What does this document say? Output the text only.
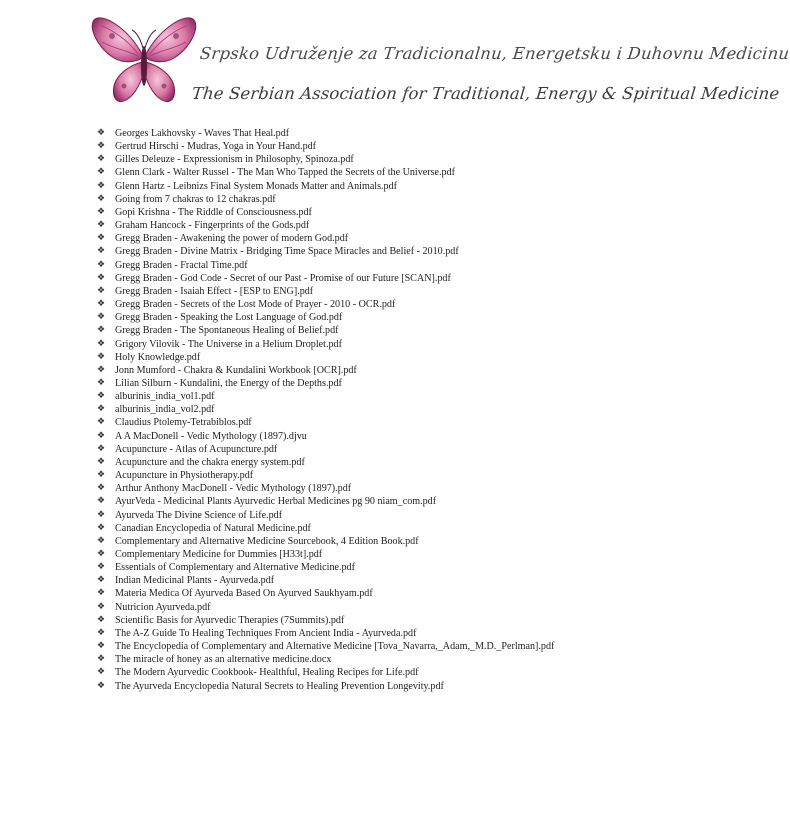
Srpsko Udruženje za Tradicionalnu, Energetsku i Duhovnu Medicinu
The Serbian Association for Traditional, Energy & Spiritual Medicine
❖ Georges Lakhovsky - Waves That Heal.pdf
❖ Gertrud Hirschi - Mudras, Yoga in Your Hand.pdf
❖ Gilles Deleuze - Expressionism in Philosophy, Spinoza.pdf
❖ Glenn Clark - Walter Russel - The Man Who Tapped the Secrets of the Universe.pdf
❖ Glenn Hartz - Leibnizs Final System Monads Matter and Animals.pdf
❖ Going from 7 chakras to 12 chakras.pdf
❖ Gopi Krishna - The Riddle of Consciousness.pdf
❖ Graham Hancock - Fingerprints of the Gods.pdf
❖ Gregg Braden - Awakening the power of modern God.pdf
❖ Gregg Braden - Divine Matrix - Bridging Time Space Miracles and Belief - 2010.pdf
❖ Gregg Braden - Fractal Time.pdf
❖ Gregg Braden - God Code - Secret of our Past - Promise of our Future [SCAN].pdf
❖ Gregg Braden - Isaiah Effect - [ESP to ENG].pdf
❖ Gregg Braden - Secrets of the Lost Mode of Prayer - 2010 - OCR.pdf
❖ Gregg Braden - Speaking the Lost Language of God.pdf
❖ Gregg Braden - The Spontaneous Healing of Belief.pdf
❖ Grigory Vilovik - The Universe in a Helium Droplet.pdf
❖ Holy Knowledge.pdf
❖ Jonn Mumford - Chakra & Kundalini Workbook [OCR].pdf
❖ Lilian Silburn - Kundalini, the Energy of the Depths.pdf
❖ alburinis_india_vol1.pdf
❖ alburinis_india_vol2.pdf
❖ Claudius Ptolemy-Tetrabiblos.pdf
❖ A A MacDonell - Vedic Mythology (1897).djvu
❖ Acupuncture - Atlas of Acupuncture.pdf
❖ Acupuncture and the chakra energy system.pdf
❖ Acupuncture in Physiotherapy.pdf
❖ Arthur Anthony MacDonell - Vedic Mythology (1897).pdf
❖ AyurVeda - Medicinal Plants Ayurvedic Herbal Medicines pg 90 niam_com.pdf
❖ Ayurveda The Divine Science of Life.pdf
❖ Canadian Encyclopedia of Natural Medicine.pdf
❖ Complementary and Alternative Medicine Sourcebook, 4 Edition Book.pdf
❖ Complementary Medicine for Dummies [H33t].pdf
❖ Essentials of Complementary and Alternative Medicine.pdf
❖ Indian Medicinal Plants - Ayurveda.pdf
❖ Materia Medica Of Ayurveda Based On Ayurved Saukhyam.pdf
❖ Nutricion Ayurveda.pdf
❖ Scientific Basis for Ayurvedic Therapies (7Summits).pdf
❖ The A-Z Guide To Healing Techniques From Ancient India - Ayurveda.pdf
❖ The Encyclopedia of Complementary and Alternative Medicine [Tova_Navarra,_Adam,_M.D._Perlman].pdf
❖ The miracle of honey as an alternative medicine.docx
❖ The Modern Ayurvedic Cookbook- Healthful, Healing Recipes for Life.pdf
❖ The Ayurveda Encyclopedia Natural Secrets to Healing Prevention Longevity.pdf
